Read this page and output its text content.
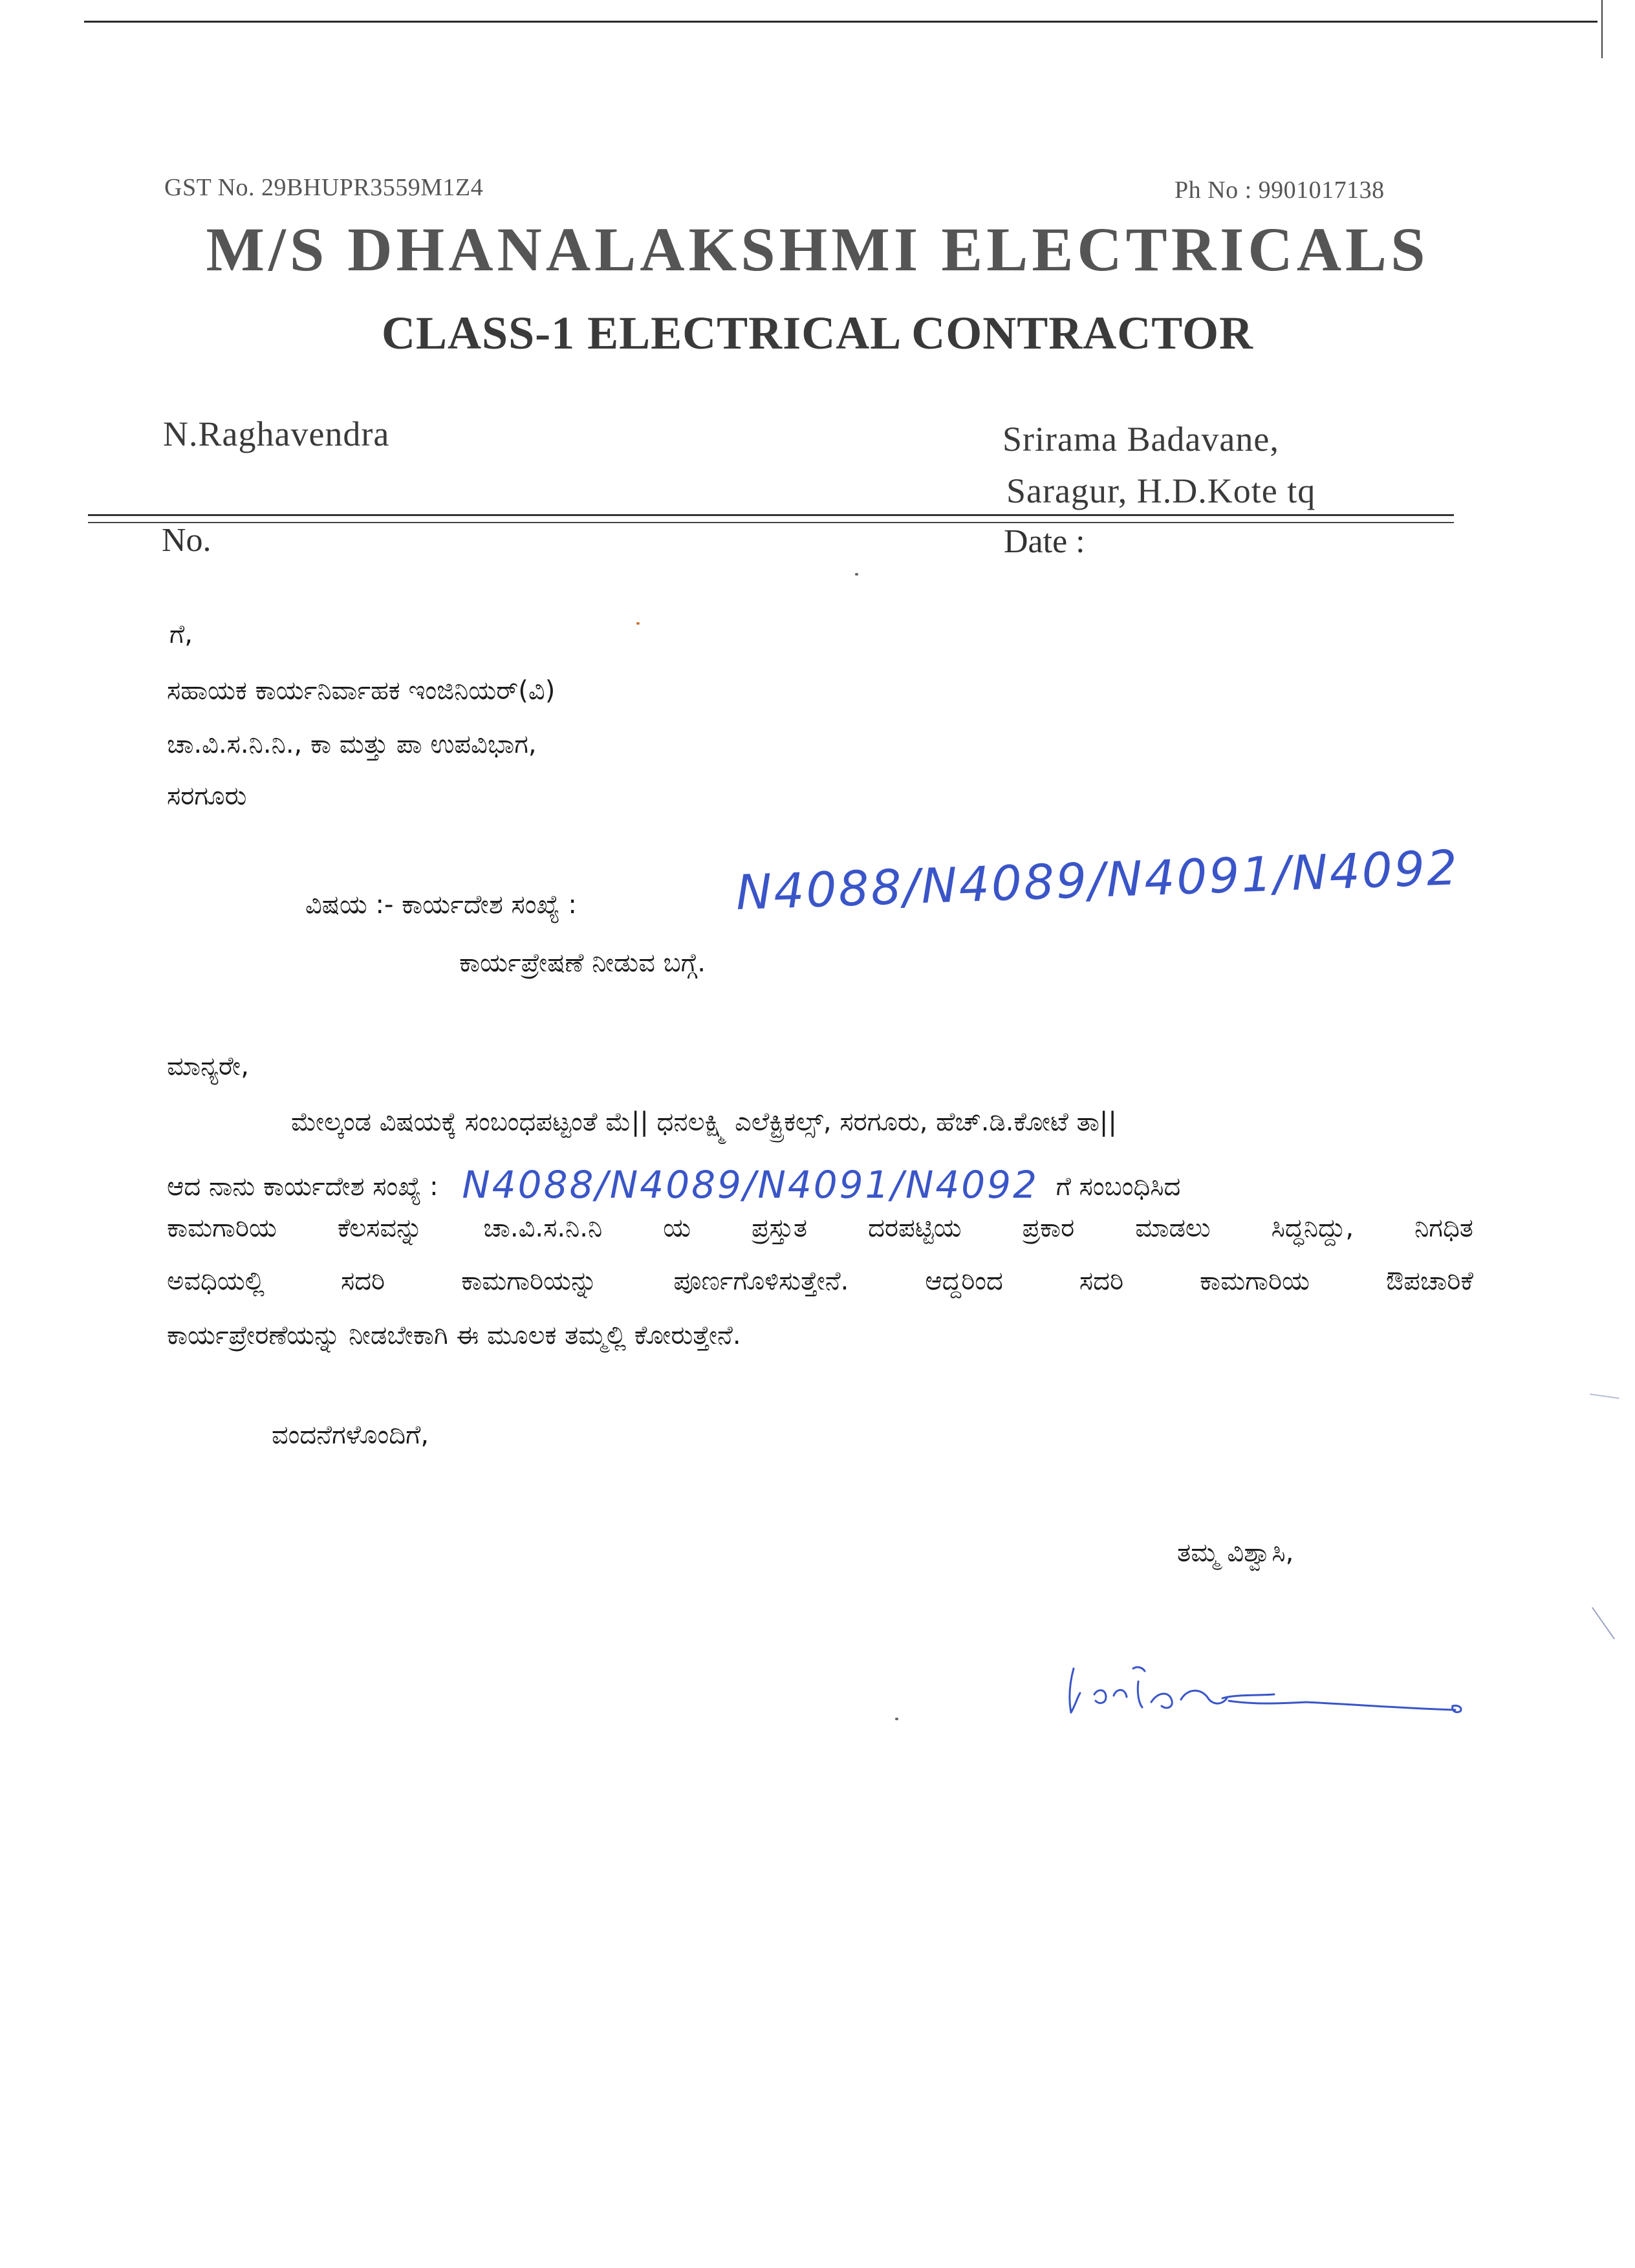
GST No. 29BHUPR3559M1Z4	Ph No : 9901017138
M/S DHANALAKSHMI ELECTRICALS
CLASS-1 ELECTRICAL CONTRACTOR
N.Raghavendra	Srirama Badavane,
Saragur, H.D.Kote tq
No.	Date :
ಗೆ,
ಸಹಾಯಕ ಕಾರ್ಯನಿರ್ವಾಹಕ ಇಂಜಿನಿಯರ್(ವಿ)
ಚಾ.ವಿ.ಸ.ನಿ.ನಿ., ಕಾ ಮತ್ತು ಪಾ ಉಪವಿಭಾಗ,
ಸರಗೂರು
ವಿಷಯ :- ಕಾರ್ಯದೇಶ ಸಂಖ್ಯೆ :	N4088/N4089/N4091/N4092
ಕಾರ್ಯಪ್ರೇಷಣೆ ನೀಡುವ ಬಗ್ಗೆ.
ಮಾನ್ಯರೇ,
ಮೇಲ್ಕಂಡ ವಿಷಯಕ್ಕೆ ಸಂಬಂಧಪಟ್ಟಂತೆ ಮೆ|| ಧನಲಕ್ಷ್ಮಿ ಎಲೆಕ್ಟ್ರಿಕಲ್ಸ್, ಸರಗೂರು, ಹೆಚ್.ಡಿ.ಕೋಟೆ ತಾ||
ಆದ ನಾನು ಕಾರ್ಯದೇಶ ಸಂಖ್ಯೆ : N4088/N4089/N4091/N4092 ಗೆ ಸಂಬಂಧಿಸಿದ
ಕಾಮಗಾರಿಯ ಕೆಲಸವನ್ನು ಚಾ.ವಿ.ಸ.ನಿ.ನಿ ಯ ಪ್ರಸ್ತುತ ದರಪಟ್ಟಿಯ ಪ್ರಕಾರ ಮಾಡಲು ಸಿದ್ಧನಿದ್ದು, ನಿಗಧಿತ
ಅವಧಿಯಲ್ಲಿ ಸದರಿ ಕಾಮಗಾರಿಯನ್ನು ಪೂರ್ಣಗೊಳಿಸುತ್ತೇನೆ. ಆದ್ದರಿಂದ ಸದರಿ ಕಾಮಗಾರಿಯ ಔಪಚಾರಿಕೆ
ಕಾರ್ಯಪ್ರೇರಣೆಯನ್ನು ನೀಡಬೇಕಾಗಿ ಈ ಮೂಲಕ ತಮ್ಮಲ್ಲಿ ಕೋರುತ್ತೇನೆ.
ವಂದನೆಗಳೊಂದಿಗೆ,
ತಮ್ಮ ವಿಶ್ವಾಸಿ,
